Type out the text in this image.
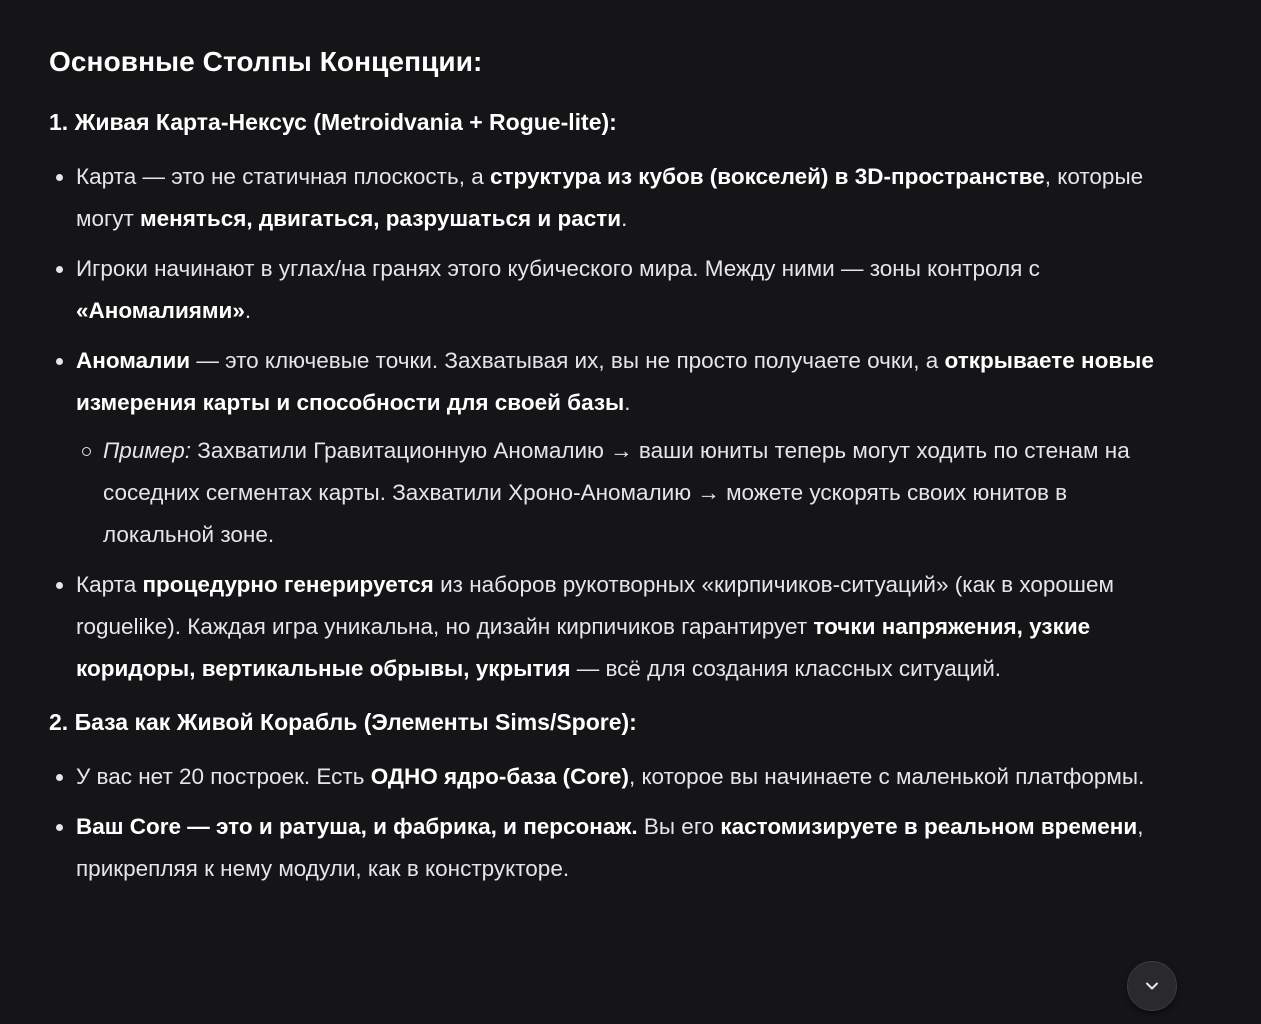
Основные Столпы Концепции:
1. Живая Карта-Нексус (Metroidvania + Rogue-lite):
Карта — это не статичная плоскость, а структура из кубов (вокселей) в 3D-пространстве, которые могут меняться, двигаться, разрушаться и расти.
Игроки начинают в углах/на гранях этого кубического мира. Между ними — зоны контроля с «Аномалиями».
Аномалии — это ключевые точки. Захватывая их, вы не просто получаете очки, а открываете новые измерения карты и способности для своей базы.
Пример: Захватили Гравитационную Аномалию → ваши юниты теперь могут ходить по стенам на соседних сегментах карты. Захватили Хроно-Аномалию → можете ускорять своих юнитов в локальной зоне.
Карта процедурно генерируется из наборов рукотворных «кирпичиков-ситуаций» (как в хорошем roguelike). Каждая игра уникальна, но дизайн кирпичиков гарантирует точки напряжения, узкие коридоры, вертикальные обрывы, укрытия — всё для создания классных ситуаций.
2. База как Живой Корабль (Элементы Sims/Spore):
У вас нет 20 построек. Есть ОДНО ядро-база (Core), которое вы начинаете с маленькой платформы.
Ваш Core — это и ратуша, и фабрика, и персонаж. Вы его кастомизируете в реальном времени, прикрепляя к нему модули, как в конструкторе.
